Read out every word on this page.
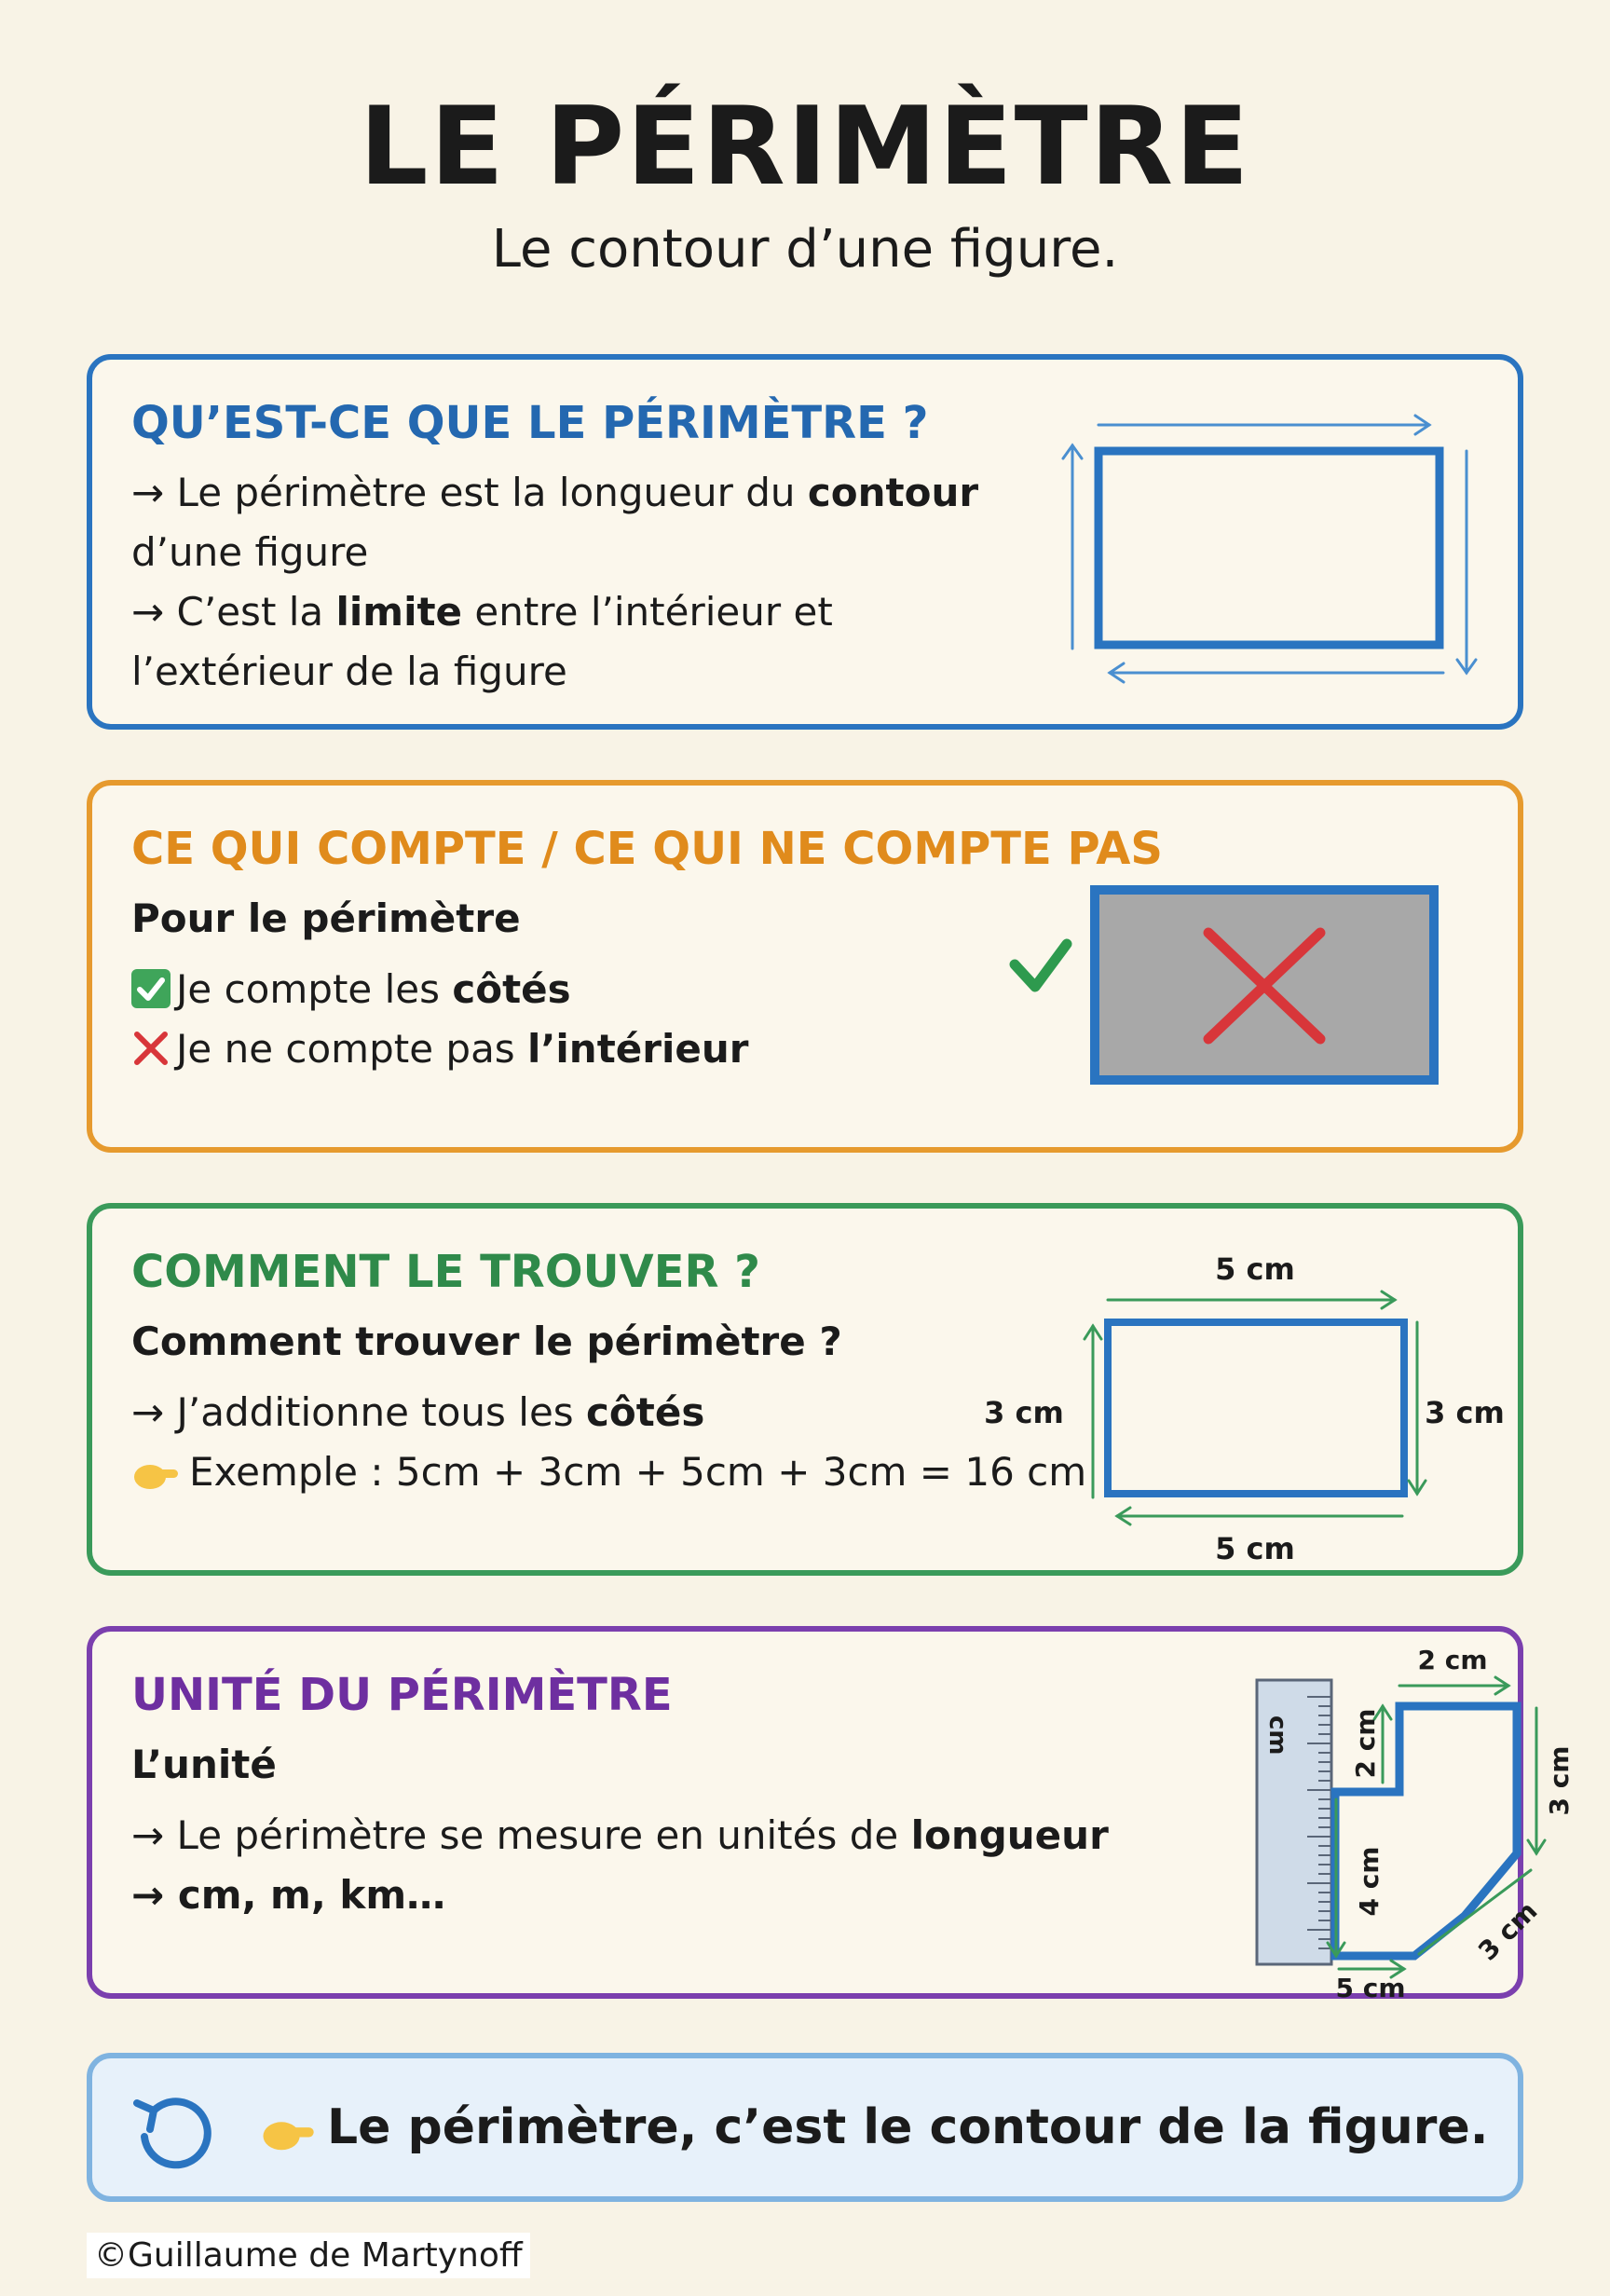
LE PÉRIMÈTRE
Le contour d’une figure.
QU’EST-CE QUE LE PÉRIMÈTRE ?
→ Le périmètre est la longueur du contour
d’une figure
→ C’est la limite entre l’intérieur et
l’extérieur de la figure
CE QUI COMPTE / CE QUI NE COMPTE PAS
Pour le périmètre
Je compte les côtés
Je ne compte pas l’intérieur
COMMENT LE TROUVER ?
Comment trouver le périmètre ?
→ J’additionne tous les côtés
Exemple : 5cm + 3cm + 5cm + 3cm = 16 cm
5 cm
5 cm
3 cm	3 cm
UNITÉ DU PÉRIMÈTRE
L’unité
→ Le périmètre se mesure en unités de longueur
→ cm, m, km…
cm
2 cm
2 cm
3 cm
3 cm
5 cm
4 cm
Le périmètre, c’est le contour de la figure.
©Guillaume de Martynoff
